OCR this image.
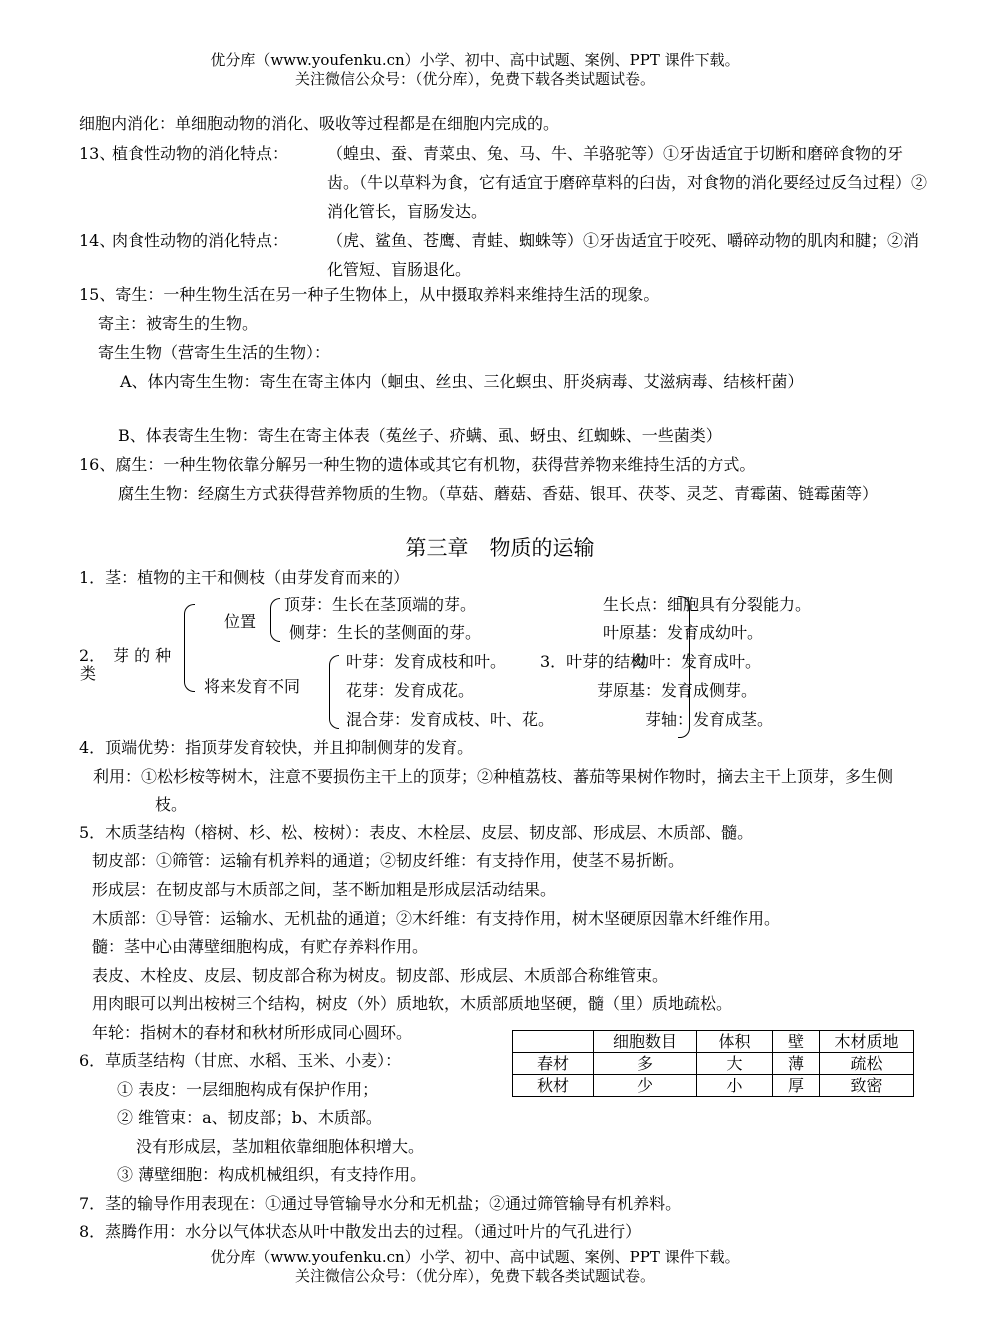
优分库（www.youfenku.cn）小学、初中、高中试题、案例、PPT 课件下载。
关注微信公众号：（优分库），免费下载各类试题试卷。
细胞内消化：单细胞动物的消化、吸收等过程都是在细胞内完成的。
13、
植食性动物的消化特点： （蝗虫、蚕、青菜虫、兔、马、牛、羊骆驼等）①牙齿适宜于切断和磨碎食物的牙齿。（牛以草料为食，它有适宜于磨碎草料的臼齿，对食物的消化要经过反刍过程）②消化管长，盲肠发达。
14、
肉食性动物的消化特点： （虎、鲨鱼、苍鹰、青蛙、蜘蛛等）①牙齿适宜于咬死、嚼碎动物的肌肉和腱；②消化管短、盲肠退化。
15、寄生：一种生物生活在另一种子生物体上，从中摄取养料来维持生活的现象。
寄主：被寄生的生物。
寄生生物（营寄生生活的生物）：
A、体内寄生生物：寄生在寄主体内（蛔虫、丝虫、三化螟虫、肝炎病毒、艾滋病毒、结核杆菌）
B、体表寄生生物：寄生在寄主体表（菟丝子、疥螨、虱、蚜虫、红蜘蛛、一些菌类）
16、腐生：一种生物依靠分解另一种生物的遗体或其它有机物，获得营养物来维持生活的方式。
腐生生物：经腐生方式获得营养物质的生物。（草菇、蘑菇、香菇、银耳、茯苓、灵芝、青霉菌、链霉菌等）
第三章　物质的运输
1．茎：植物的主干和侧枝（由芽发育而来的）
2． 芽 的 种
类
位置
顶芽：生长在茎顶端的芽。
侧芽：生长的茎侧面的芽。
将来发育不同
叶芽：发育成枝和叶。
花芽：发育成花。
混合芽：发育成枝、叶、花。
3．叶芽的结构
生长点：细胞具有分裂能力。
叶原基：发育成幼叶。
幼叶：发育成叶。
芽原基：发育成侧芽。
芽轴：发育成茎。
4．顶端优势：指顶芽发育较快，并且抑制侧芽的发育。
利用：①松杉桉等树木，注意不要损伤主干上的顶芽；②种植荔枝、蕃茄等果树作物时，摘去主干上顶芽，多生侧枝。
5．木质茎结构（榕树、杉、松、桉树）：表皮、木栓层、皮层、韧皮部、形成层、木质部、髓。
韧皮部：①筛管：运输有机养料的通道；②韧皮纤维：有支持作用，使茎不易折断。
形成层：在韧皮部与木质部之间，茎不断加粗是形成层活动结果。
木质部：①导管：运输水、无机盐的通道；②木纤维：有支持作用，树木坚硬原因靠木纤维作用。
髓：茎中心由薄壁细胞构成，有贮存养料作用。
表皮、木栓皮、皮层、韧皮部合称为树皮。韧皮部、形成层、木质部合称维管束。
用肉眼可以判出桉树三个结构，树皮（外）质地软，木质部质地坚硬，髓（里）质地疏松。
年轮：指树木的春材和秋材所形成同心圆环。
		细胞数目	体积	壁	木材质地
春材	多	大	薄	疏松
秋材	少	小	厚	致密
6．草质茎结构（甘庶、水稻、玉米、小麦）：
① 表皮：一层细胞构成有保护作用；
② 维管束：a、韧皮部；b、木质部。
没有形成层，茎加粗依靠细胞体积增大。
③ 薄壁细胞：构成机械组织，有支持作用。
7．茎的输导作用表现在：①通过导管输导水分和无机盐；②通过筛管输导有机养料。
8．蒸腾作用：水分以气体状态从叶中散发出去的过程。（通过叶片的气孔进行）
优分库（www.youfenku.cn）小学、初中、高中试题、案例、PPT 课件下载。
关注微信公众号：（优分库），免费下载各类试题试卷。
